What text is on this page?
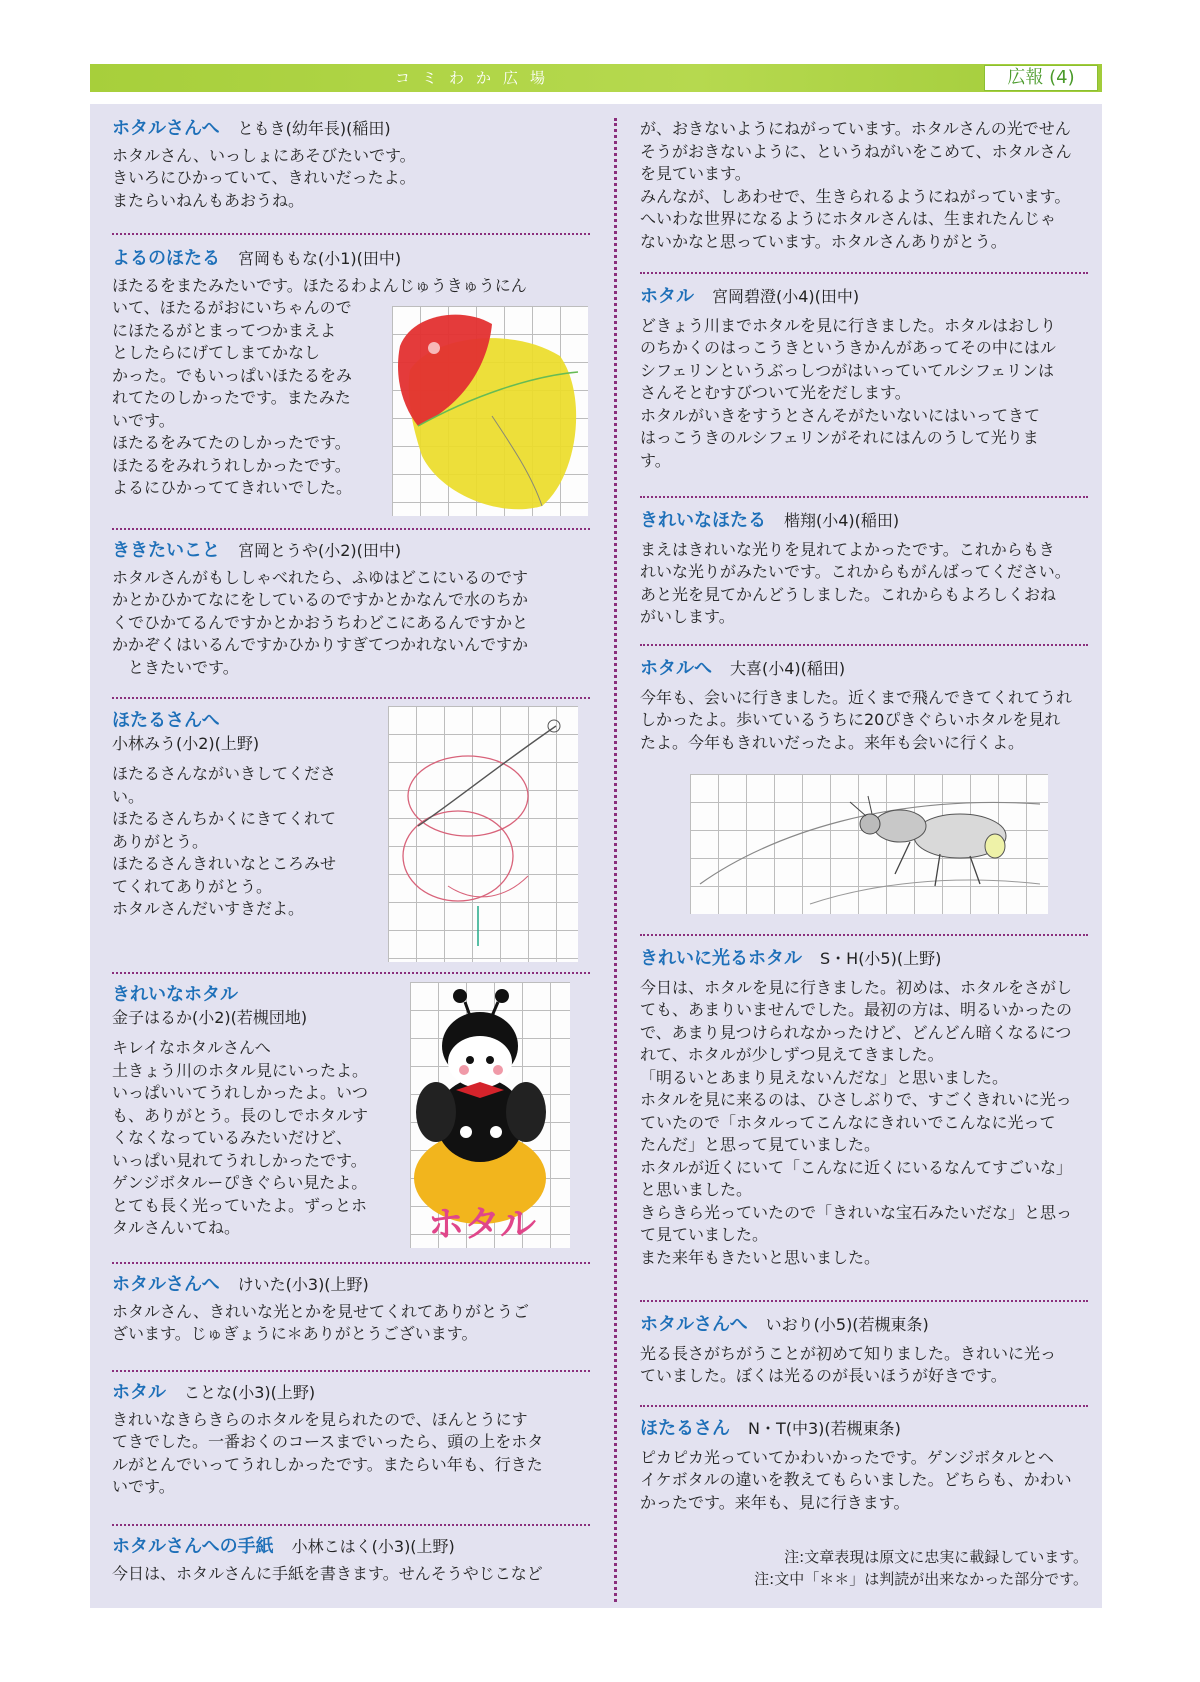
コミわか広場	広報 (4)
ホタル
ホタルさんへ ともき(幼年長)(稲田)

ホタルさん、いっしょにあそびたいです。

きいろにひかっていて、きれいだったよ。

またらいねんもあおうね。

よるのほたる 宮岡ももな(小1)(田中)

ほたるをまたみたいです。ほたるわよんじゅうきゅうにん

いて、ほたるがおにいちゃんので

にほたるがとまってつかまえよ

としたらにげてしまてかなし

かった。でもいっぱいほたるをみ

れてたのしかったです。またみた

いです。

ほたるをみてたのしかったです。

ほたるをみれうれしかったです。

よるにひかっててきれいでした。

ききたいこと 宮岡とうや(小2)(田中)

ホタルさんがもししゃべれたら、ふゆはどこにいるのです

かとかひかてなにをしているのですかとかなんで水のちか

くでひかてるんですかとかおうちわどこにあるんですかと

かかぞくはいるんですかひかりすぎてつかれないんですか

　ときたいです。

ほたるさんへ
小林みう(小2)(上野)

ほたるさんながいきしてくださ

い。

ほたるさんちかくにきてくれて

ありがとう。

ほたるさんきれいなところみせ

てくれてありがとう。

ホタルさんだいすきだよ。

きれいなホタル
金子はるか(小2)(若槻団地)

キレイなホタルさんへ

土きょう川のホタル見にいったよ。

いっぱいいてうれしかったよ。いつ

も、ありがとう。長のしでホタルす

くなくなっているみたいだけど、

いっぱい見れてうれしかったです。

ゲンジボタルーぴきぐらい見たよ。

とても長く光っていたよ。ずっとホ

タルさんいてね。

ホタルさんへ けいた(小3)(上野)

ホタルさん、きれいな光とかを見せてくれてありがとうご

ざいます。じゅぎょうに＊ありがとうございます。

ホタル ことな(小3)(上野)

きれいなきらきらのホタルを見られたので、ほんとうにす

てきでした。一番おくのコースまでいったら、頭の上をホタ

ルがとんでいってうれしかったです。またらい年も、行きた

いです。

ホタルさんへの手紙 小林こはく(小3)(上野)

今日は、ホタルさんに手紙を書きます。せんそうやじこなど

が、おきないようにねがっています。ホタルさんの光でせん

そうがおきないように、というねがいをこめて、ホタルさん

を見ています。

みんなが、しあわせで、生きられるようにねがっています。

へいわな世界になるようにホタルさんは、生まれたんじゃ

ないかなと思っています。ホタルさんありがとう。

ホタル 宮岡碧澄(小4)(田中)

どきょう川までホタルを見に行きました。ホタルはおしり

のちかくのはっこうきというきかんがあってその中にはル

シフェリンというぶっしつがはいっていてルシフェリンは

さんそとむすびついて光をだします。

ホタルがいきをすうとさんそがたいないにはいってきて

はっこうきのルシフェリンがそれにはんのうして光りま

す。

きれいなほたる 楷翔(小4)(稲田)

まえはきれいな光りを見れてよかったです。これからもき

れいな光りがみたいです。これからもがんばってください。

あと光を見てかんどうしました。これからもよろしくおね

がいします。

ホタルへ 大喜(小4)(稲田)

今年も、会いに行きました。近くまで飛んできてくれてうれ

しかったよ。歩いているうちに20ぴきぐらいホタルを見れ

たよ。今年もきれいだったよ。来年も会いに行くよ。

きれいに光るホタル S・H(小5)(上野)

今日は、ホタルを見に行きました。初めは、ホタルをさがし

ても、あまりいませんでした。最初の方は、明るいかったの

で、あまり見つけられなかったけど、どんどん暗くなるにつ

れて、ホタルが少しずつ見えてきました。

「明るいとあまり見えないんだな」と思いました。

ホタルを見に来るのは、ひさしぶりで、すごくきれいに光っ

ていたので「ホタルってこんなにきれいでこんなに光って

たんだ」と思って見ていました。

ホタルが近くにいて「こんなに近くにいるなんてすごいな」

と思いました。

きらきら光っていたので「きれいな宝石みたいだな」と思っ

て見ていました。

また来年もきたいと思いました。

ホタルさんへ いおり(小5)(若槻東条)

光る長さがちがうことが初めて知りました。きれいに光っ

ていました。ぼくは光るのが長いほうが好きです。

ほたるさん N・T(中3)(若槻東条)

ピカピカ光っていてかわいかったです。ゲンジボタルとヘ

イケボタルの違いを教えてもらいました。どちらも、かわい

かったです。来年も、見に行きます。

注:文章表現は原文に忠実に載録しています。
注:文中「＊＊」は判読が出来なかった部分です。
